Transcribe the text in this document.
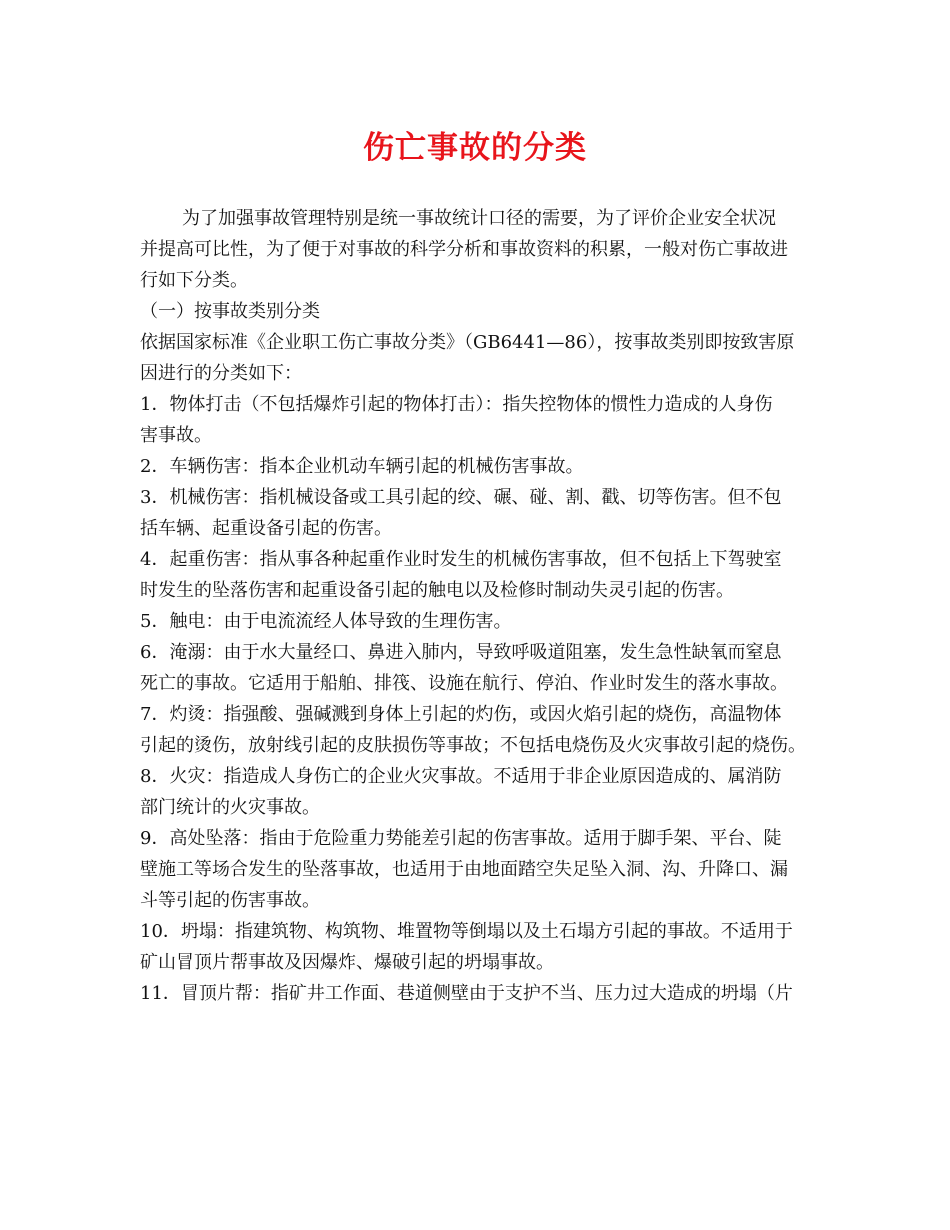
伤亡事故的分类
为了加强事故管理特别是统一事故统计口径的需要，为了评价企业安全状况
并提高可比性，为了便于对事故的科学分析和事故资料的积累，一般对伤亡事故进
行如下分类。
（一）按事故类别分类
依据国家标准《企业职工伤亡事故分类》（GB6441—86），按事故类别即按致害原
因进行的分类如下：
1．物体打击（不包括爆炸引起的物体打击）：指失控物体的惯性力造成的人身伤
害事故。
2．车辆伤害：指本企业机动车辆引起的机械伤害事故。
3．机械伤害：指机械设备或工具引起的绞、碾、碰、割、戳、切等伤害。但不包
括车辆、起重设备引起的伤害。
4．起重伤害：指从事各种起重作业时发生的机械伤害事故，但不包括上下驾驶室
时发生的坠落伤害和起重设备引起的触电以及检修时制动失灵引起的伤害。
5．触电：由于电流流经人体导致的生理伤害。
6．淹溺：由于水大量经口、鼻进入肺内，导致呼吸道阻塞，发生急性缺氧而窒息
死亡的事故。它适用于船舶、排筏、设施在航行、停泊、作业时发生的落水事故。
7．灼烫：指强酸、强碱溅到身体上引起的灼伤，或因火焰引起的烧伤，高温物体
引起的烫伤，放射线引起的皮肤损伤等事故；不包括电烧伤及火灾事故引起的烧伤。
8．火灾：指造成人身伤亡的企业火灾事故。不适用于非企业原因造成的、属消防
部门统计的火灾事故。
9．高处坠落：指由于危险重力势能差引起的伤害事故。适用于脚手架、平台、陡
壁施工等场合发生的坠落事故，也适用于由地面踏空失足坠入洞、沟、升降口、漏
斗等引起的伤害事故。
10．坍塌：指建筑物、构筑物、堆置物等倒塌以及土石塌方引起的事故。不适用于
矿山冒顶片帮事故及因爆炸、爆破引起的坍塌事故。
11．冒顶片帮：指矿井工作面、巷道侧壁由于支护不当、压力过大造成的坍塌（片
